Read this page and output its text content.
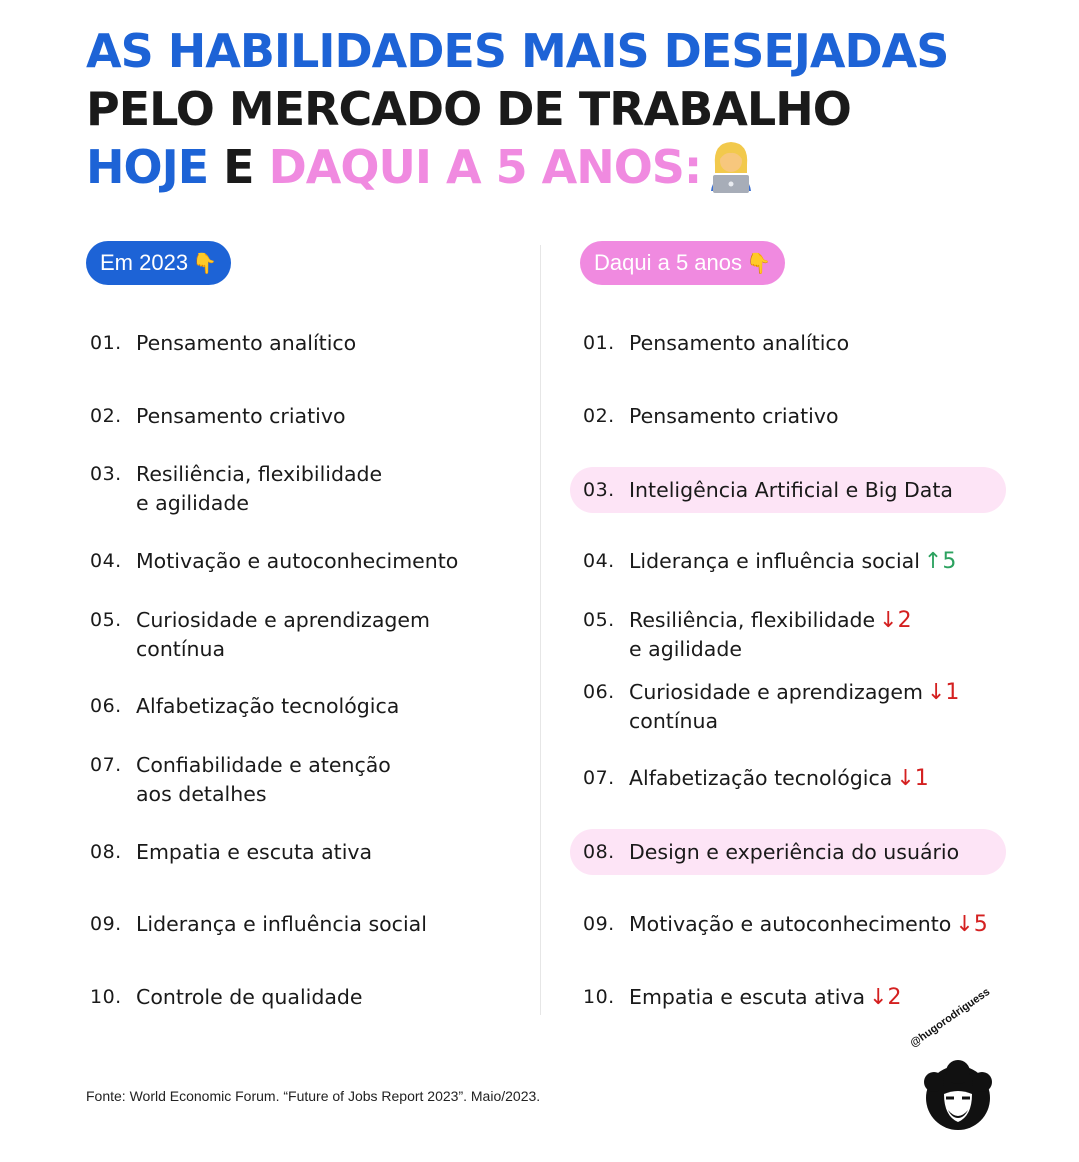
AS HABILIDADES MAIS DESEJADAS
PELO MERCADO DE TRABALHO
HOJE E DAQUI A 5 ANOS:
Em 2023 👇	Daqui a 5 anos 👇
01. Pensamento analítico
02. Pensamento criativo
03. Resiliência, flexibilidade
e agilidade
04. Motivação e autoconhecimento
05. Curiosidade e aprendizagem
contínua
06. Alfabetização tecnológica
07. Confiabilidade e atenção
aos detalhes
08. Empatia e escuta ativa
09. Liderança e influência social
10. Controle de qualidade
01. Pensamento analítico
02. Pensamento criativo
03. Inteligência Artificial e Big Data
04. Liderança e influência social ↑5
05. Resiliência, flexibilidade ↓2
e agilidade
06. Curiosidade e aprendizagem ↓1
contínua
07. Alfabetização tecnológica ↓1
08. Design e experiência do usuário
09. Motivação e autoconhecimento ↓5
10. Empatia e escuta ativa ↓2
Fonte: World Economic Forum. “Future of Jobs Report 2023”. Maio/2023.
@hugorodriguess
